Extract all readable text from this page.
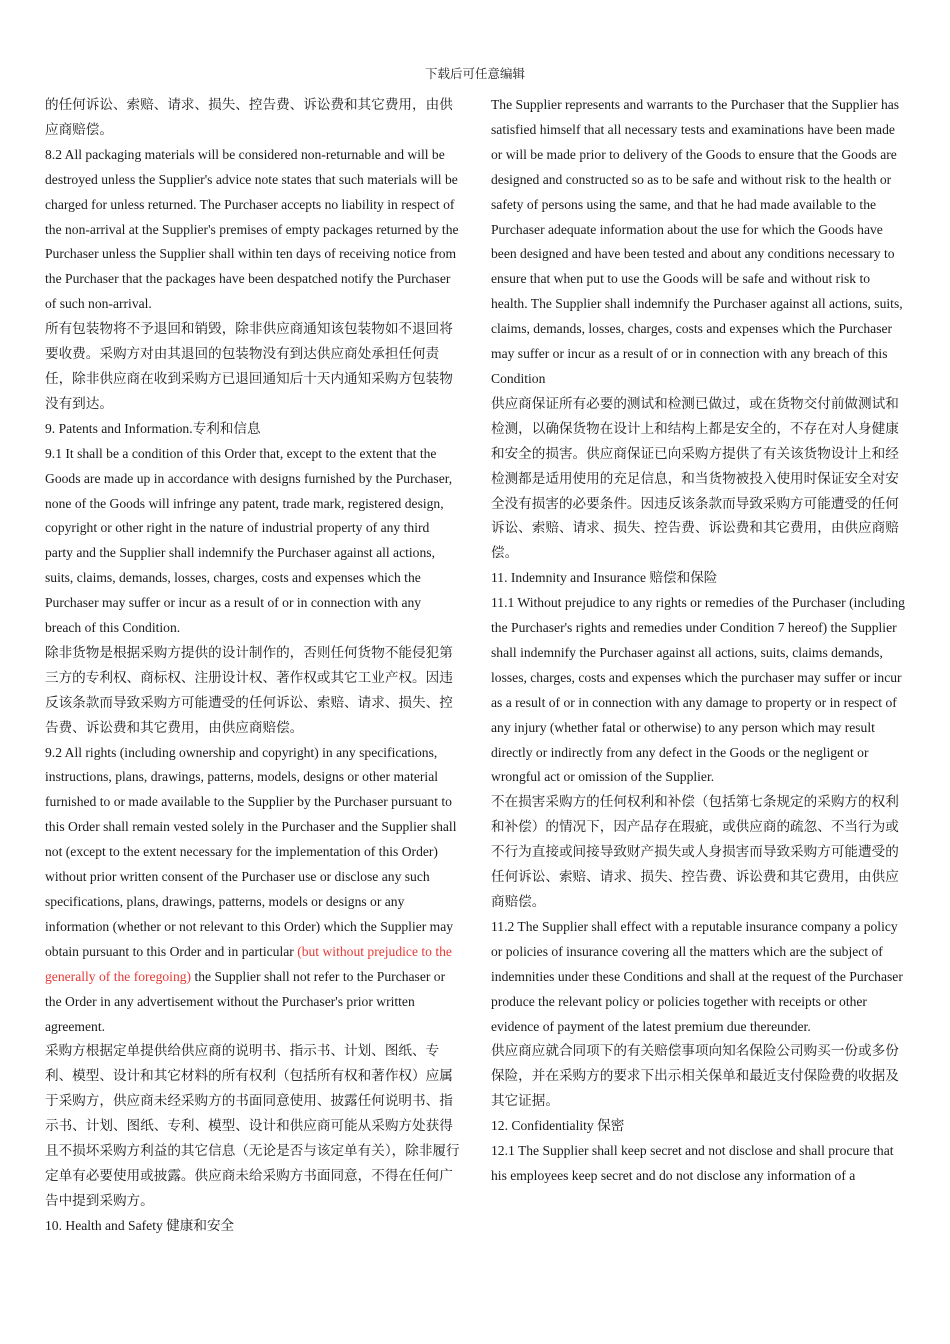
下载后可任意编辑

的任何诉讼、索赔、请求、损失、控告费、诉讼费和其它费用，由供应商赔偿。

8.2 All packaging materials will be considered non-returnable and will be destroyed unless the Supplier's advice note states that such materials will be charged for unless returned. The Purchaser accepts no liability in respect of the non-arrival at the Supplier's premises of empty packages returned by the Purchaser unless the Supplier shall within ten days of receiving notice from the Purchaser that the packages have been despatched notify the Purchaser of such non-arrival.

所有包装物将不予退回和销毁，除非供应商通知该包装物如不退回将要收费。采购方对由其退回的包装物没有到达供应商处承担任何责任，除非供应商在收到采购方已退回通知后十天内通知采购方包装物没有到达。

9. Patents and Information.专利和信息

9.1 It shall be a condition of this Order that, except to the extent that the Goods are made up in accordance with designs furnished by the Purchaser, none of the Goods will infringe any patent, trade mark, registered design, copyright or other right in the nature of industrial property of any third party and the Supplier shall indemnify the Purchaser against all actions, suits, claims, demands, losses, charges, costs and expenses which the Purchaser may suffer or incur as a result of or in connection with any breach of this Condition.

除非货物是根据采购方提供的设计制作的，否则任何货物不能侵犯第三方的专利权、商标权、注册设计权、著作权或其它工业产权。因违反该条款而导致采购方可能遭受的任何诉讼、索赔、请求、损失、控告费、诉讼费和其它费用，由供应商赔偿。

9.2 All rights (including ownership and copyright) in any specifications, instructions, plans, drawings, patterns, models, designs or other material furnished to or made available to the Supplier by the Purchaser pursuant to this Order shall remain vested solely in the Purchaser and the Supplier shall not (except to the extent necessary for the implementation of this Order) without prior written consent of the Purchaser use or disclose any such specifications, plans, drawings, patterns, models or designs or any information (whether or not relevant to this Order) which the Supplier may obtain pursuant to this Order and in particular (but without prejudice to the generally of the foregoing) the Supplier shall not refer to the Purchaser or the Order in any advertisement without the Purchaser's prior written agreement.

采购方根据定单提供给供应商的说明书、指示书、计划、图纸、专利、模型、设计和其它材料的所有权利（包括所有权和著作权）应属于采购方，供应商未经采购方的书面同意使用、披露任何说明书、指示书、计划、图纸、专利、模型、设计和供应商可能从采购方处获得且不损坏采购方利益的其它信息（无论是否与该定单有关），除非履行定单有必要使用或披露。供应商未给采购方书面同意，不得在任何广告中提到采购方。

10. Health and Safety 健康和安全

The Supplier represents and warrants to the Purchaser that the Supplier has satisfied himself that all necessary tests and examinations have been made or will be made prior to delivery of the Goods to ensure that the Goods are designed and constructed so as to be safe and without risk to the health or safety of persons using the same, and that he had made available to the Purchaser adequate information about the use for which the Goods have been designed and have been tested and about any conditions necessary to ensure that when put to use the Goods will be safe and without risk to health. The Supplier shall indemnify the Purchaser against all actions, suits, claims, demands, losses, charges, costs and expenses which the Purchaser may suffer or incur as a result of or in connection with any breach of this Condition

供应商保证所有必要的测试和检测已做过，或在货物交付前做测试和检测，以确保货物在设计上和结构上都是安全的，不存在对人身健康和安全的损害。供应商保证已向采购方提供了有关该货物设计上和经检测都是适用使用的充足信息，和当货物被投入使用时保证安全对安全没有损害的必要条件。因违反该条款而导致采购方可能遭受的任何诉讼、索赔、请求、损失、控告费、诉讼费和其它费用，由供应商赔偿。

11. Indemnity and Insurance 赔偿和保险

11.1 Without prejudice to any rights or remedies of the Purchaser (including the Purchaser's rights and remedies under Condition 7 hereof) the Supplier shall indemnify the Purchaser against all actions, suits, claims demands, losses, charges, costs and expenses which the purchaser may suffer or incur as a result of or in connection with any damage to property or in respect of any injury (whether fatal or otherwise) to any person which may result directly or indirectly from any defect in the Goods or the negligent or wrongful act or omission of the Supplier.

不在损害采购方的任何权利和补偿（包括第七条规定的采购方的权利和补偿）的情况下，因产品存在瑕疵，或供应商的疏忽、不当行为或不行为直接或间接导致财产损失或人身损害而导致采购方可能遭受的任何诉讼、索赔、请求、损失、控告费、诉讼费和其它费用，由供应商赔偿。

11.2 The Supplier shall effect with a reputable insurance company a policy or policies of insurance covering all the matters which are the subject of indemnities under these Conditions and shall at the request of the Purchaser produce the relevant policy or policies together with receipts or other evidence of payment of the latest premium due thereunder.

供应商应就合同项下的有关赔偿事项向知名保险公司购买一份或多份保险，并在采购方的要求下出示相关保单和最近支付保险费的收据及其它证据。

12. Confidentiality 保密

12.1 The Supplier shall keep secret and not disclose and shall procure that his employees keep secret and do not disclose any information of a
